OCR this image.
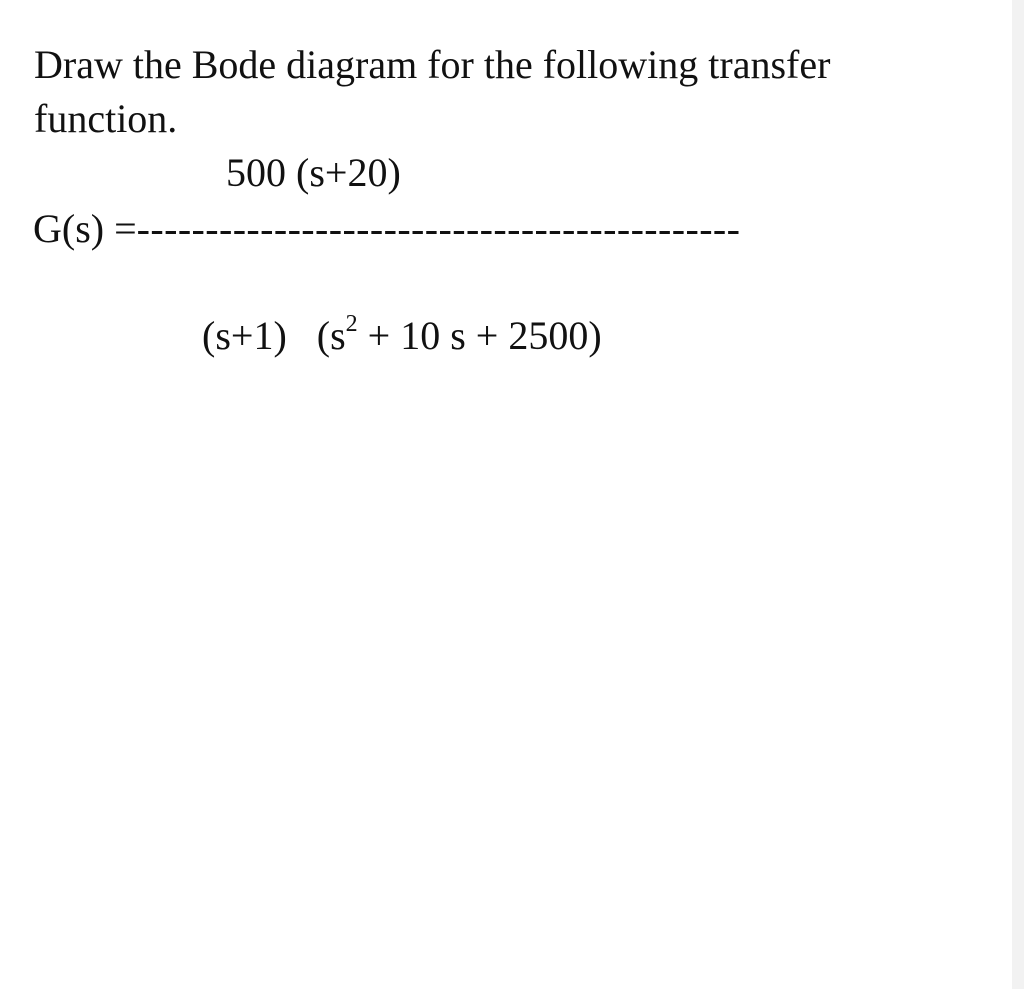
Draw the Bode diagram for the following transfer function.

500 (s+20)
G(s) =--------------------------------------------
(s+1) ($s^2 + 10$ s + 2500)
